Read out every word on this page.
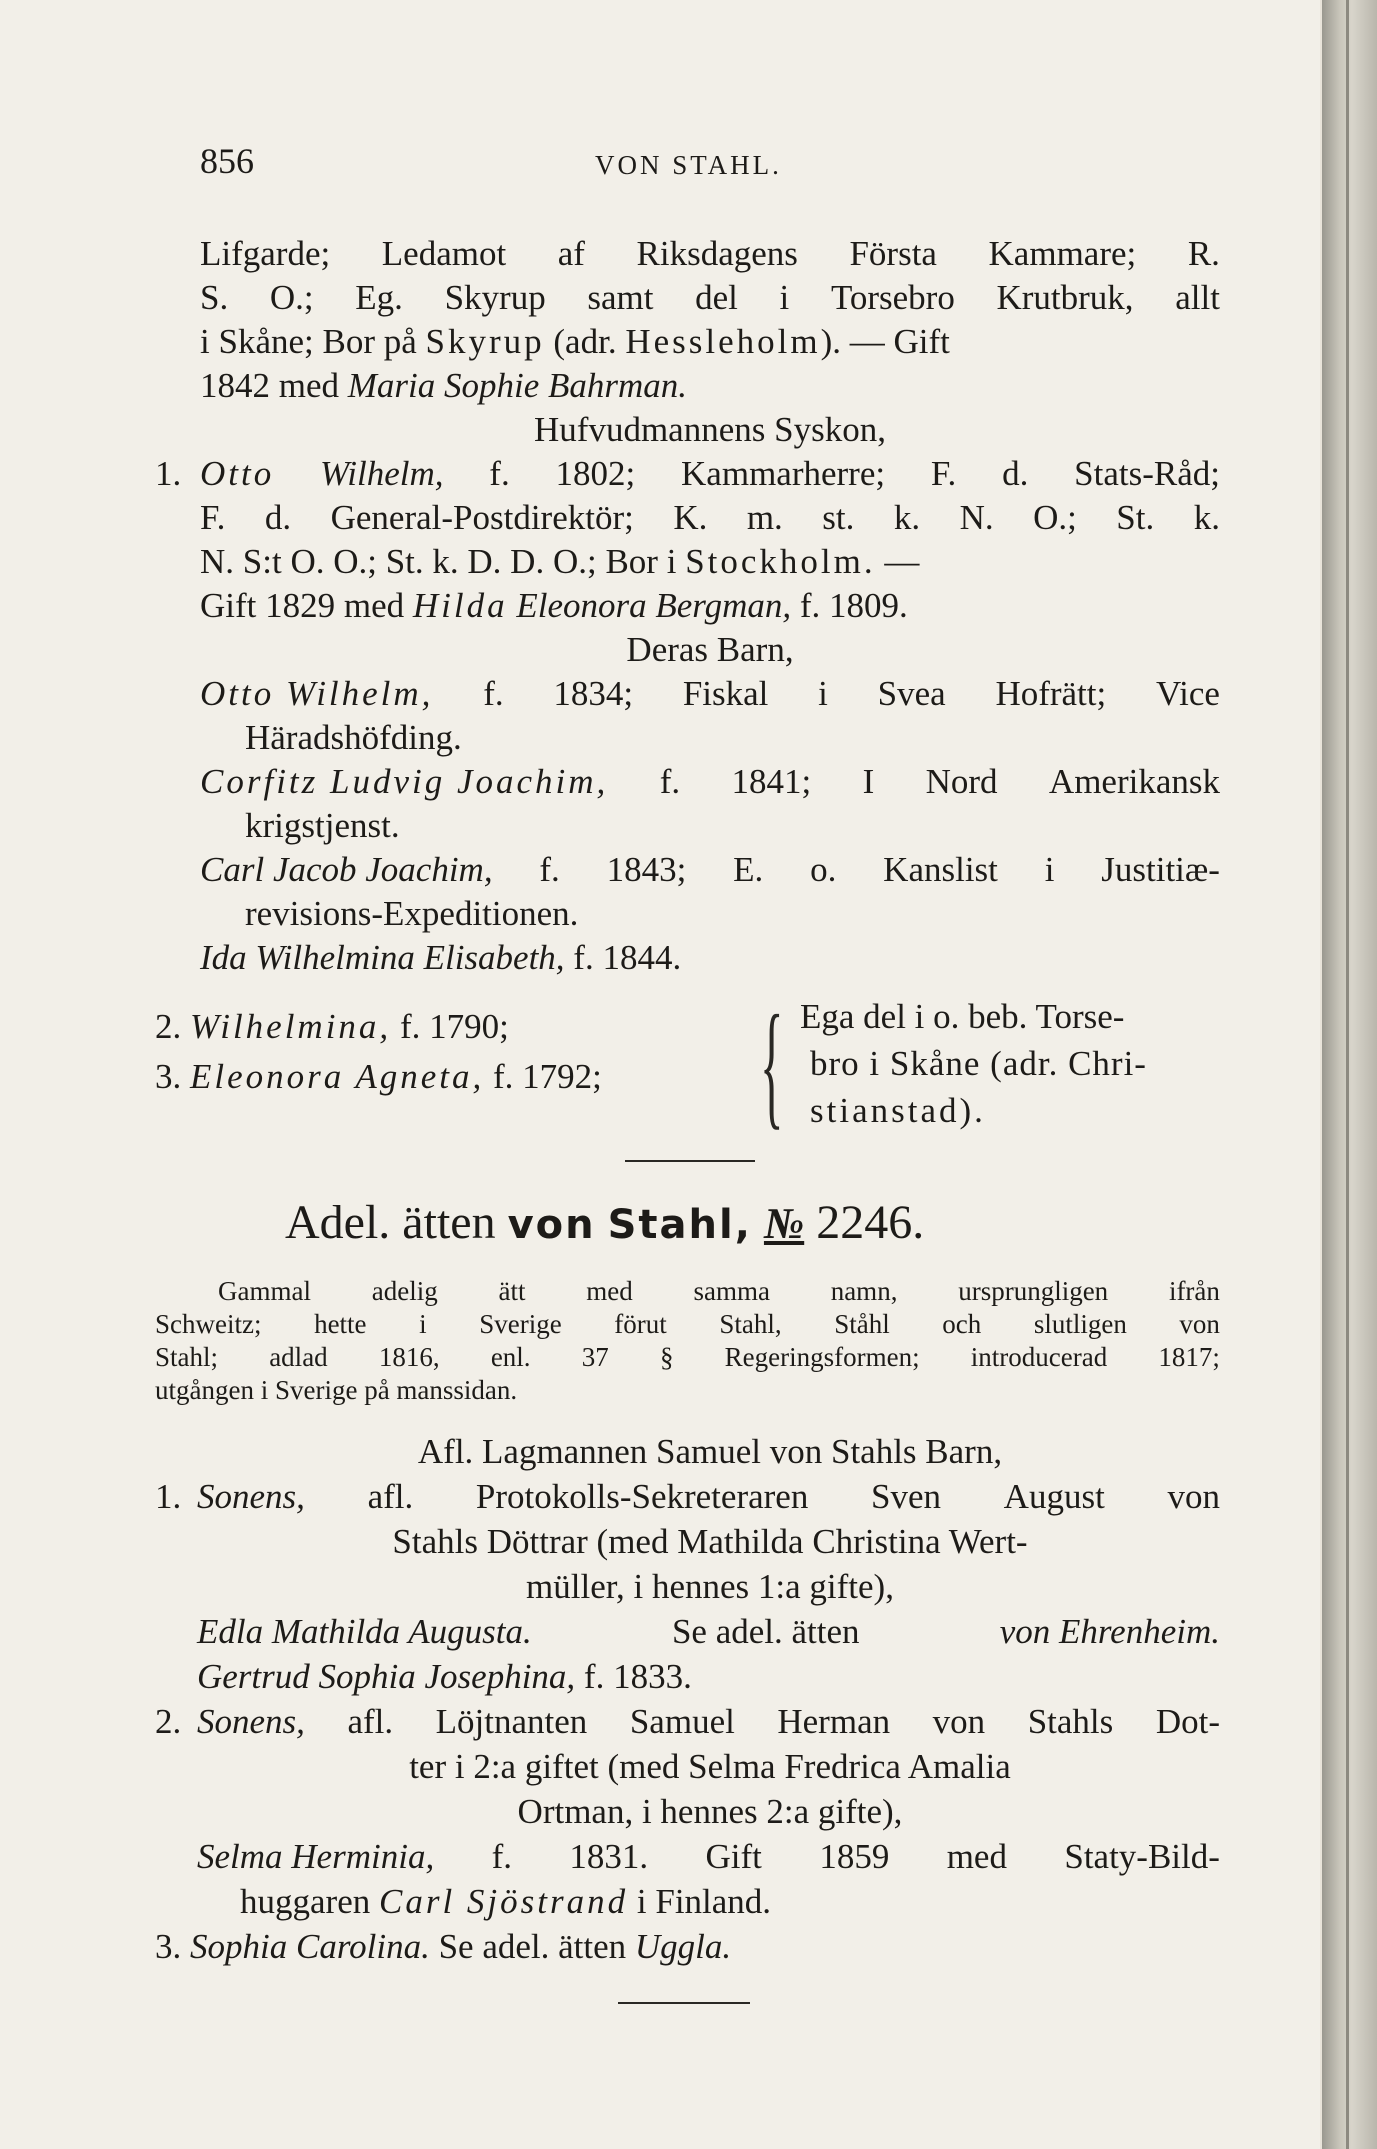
856	VON STAHL.
Lifgarde; Ledamot af Riksdagens Första Kammare; R.
S. O.; Eg. Skyrup samt del i Torsebro Krutbruk, allt
i Skåne; Bor på Skyrup (adr. Hessleholm). — Gift
1842 med Maria Sophie Bahrman.
Hufvudmannens Syskon,
1. Otto Wilhelm, f. 1802; Kammarherre; F. d. Stats-Råd;
F. d. General-Postdirektör; K. m. st. k. N. O.; St. k.
N. S:t O. O.; St. k. D. D. O.; Bor i Stockholm. —
Gift 1829 med Hilda Eleonora Bergman, f. 1809.
Deras Barn,
Otto Wilhelm, f. 1834; Fiskal i Svea Hofrätt; Vice
Häradshöfding.
Corfitz Ludvig Joachim, f. 1841; I Nord Amerikansk
krigstjenst.
Carl Jacob Joachim, f. 1843; E. o. Kanslist i Justitiæ-
revisions-Expeditionen.
Ida Wilhelmina Elisabeth, f. 1844.
2. Wilhelmina, f. 1790;
3. Eleonora Agneta, f. 1792; { Ega del i o. beb. Torse-
bro i Skåne (adr. Chri-
stianstad).
Adel. ätten von Stahl, № 2246.
Gammal adelig ätt med samma namn, ursprungligen ifrån
Schweitz; hette i Sverige förut Stahl, Ståhl och slutligen von
Stahl; adlad 1816, enl. 37 § Regeringsformen; introducerad 1817;
utgången i Sverige på manssidan.
Afl. Lagmannen Samuel von Stahls Barn,
1. Sonens, afl. Protokolls-Sekreteraren Sven August von
Stahls Döttrar (med Mathilda Christina Wert-
müller, i hennes 1:a gifte),
Edla Mathilda Augusta.	Se adel. ätten	von Ehrenheim.
Gertrud Sophia Josephina, f. 1833.
2. Sonens, afl. Löjtnanten Samuel Herman von Stahls Dot-
ter i 2:a giftet (med Selma Fredrica Amalia
Ortman, i hennes 2:a gifte),
Selma Herminia, f. 1831. Gift 1859 med Staty-Bild-
huggaren Carl Sjöstrand i Finland.
3. Sophia Carolina. Se adel. ätten Uggla.
